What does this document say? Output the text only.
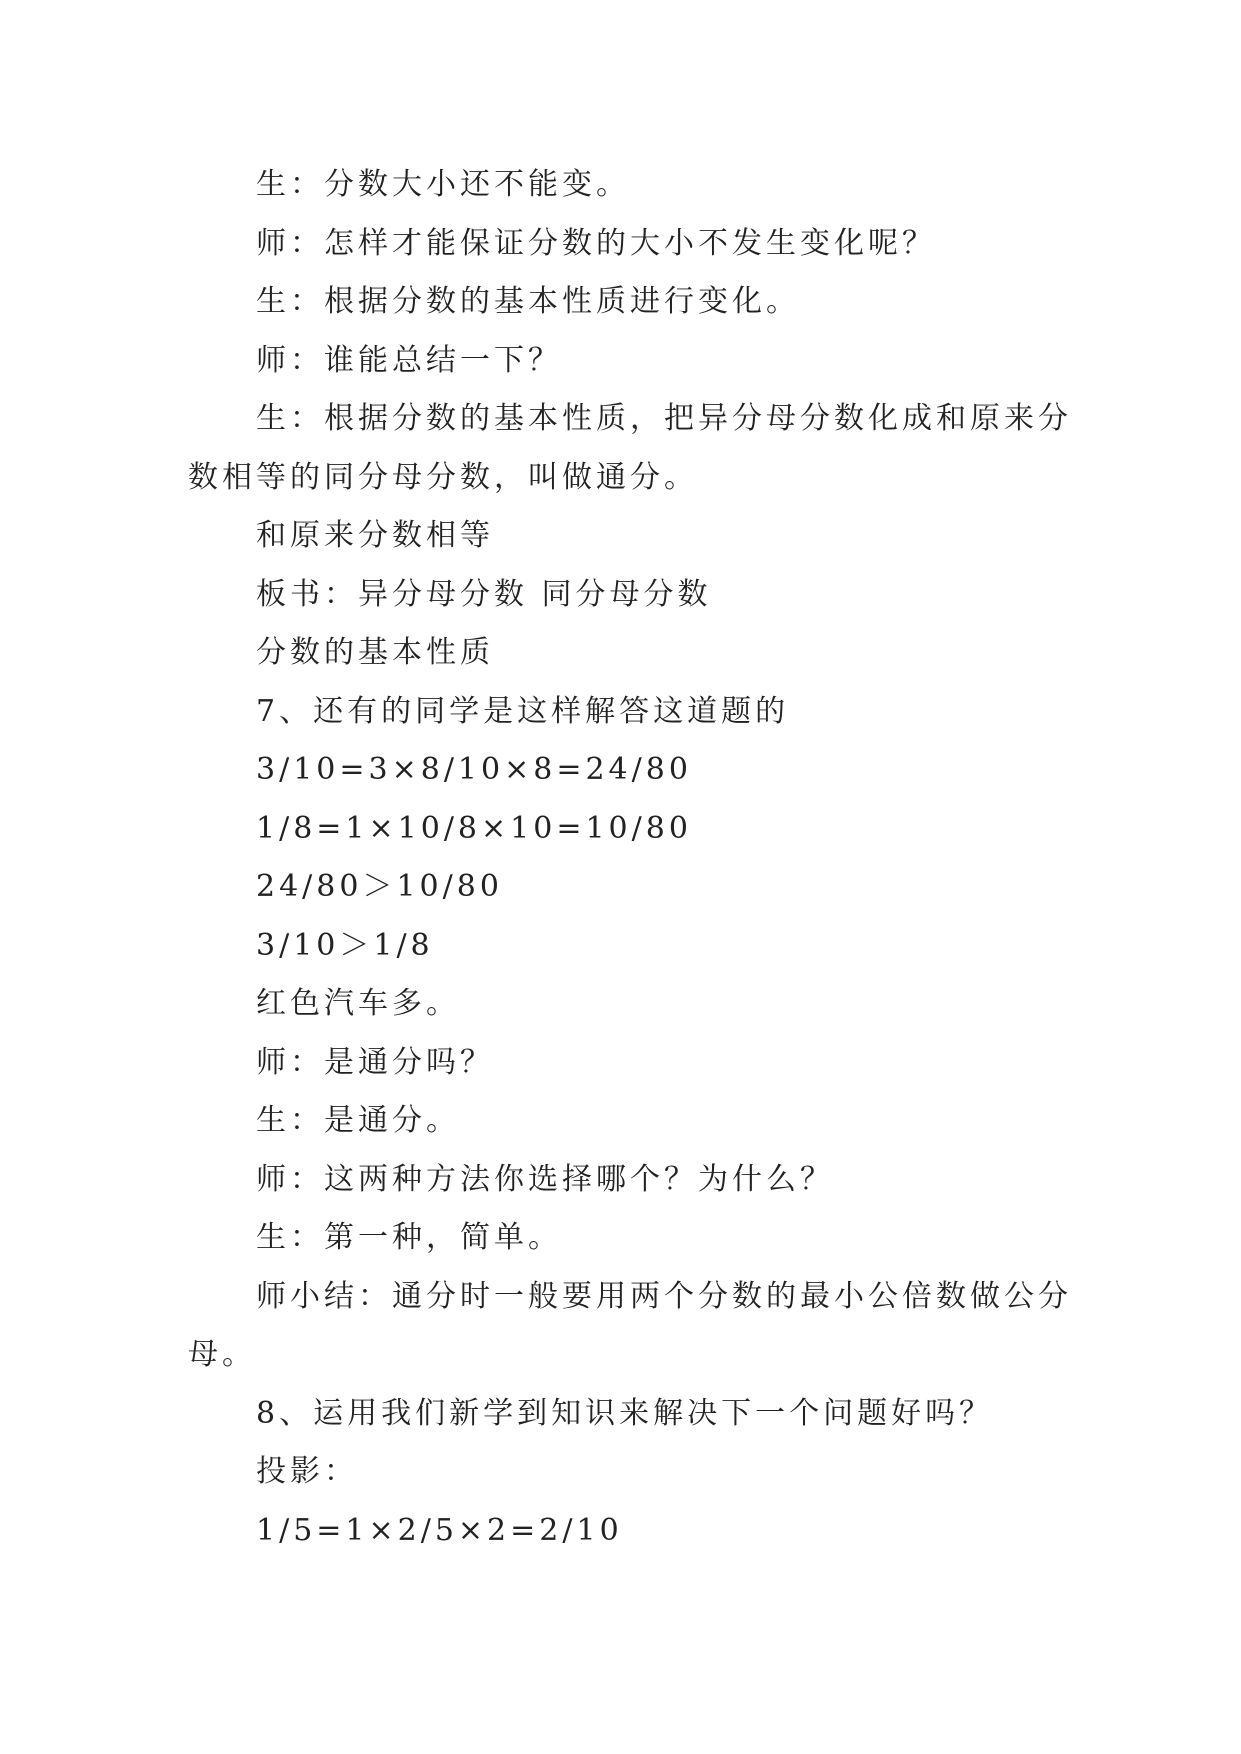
生：分数大小还不能变。
师：怎样才能保证分数的大小不发生变化呢？
生：根据分数的基本性质进行变化。
师：谁能总结一下？
生：根据分数的基本性质，把异分母分数化成和原来分
数相等的同分母分数，叫做通分。
和原来分数相等
板书：异分母分数 同分母分数
分数的基本性质
7、还有的同学是这样解答这道题的
3/10=3×8/10×8=24/80
1/8=1×10/8×10=10/80
24/80＞10/80
3/10＞1/8
红色汽车多。
师：是通分吗？
生：是通分。
师：这两种方法你选择哪个？为什么？
生：第一种，简单。
师小结：通分时一般要用两个分数的最小公倍数做公分
母。
8、运用我们新学到知识来解决下一个问题好吗？
投影：
1/5=1×2/5×2=2/10
